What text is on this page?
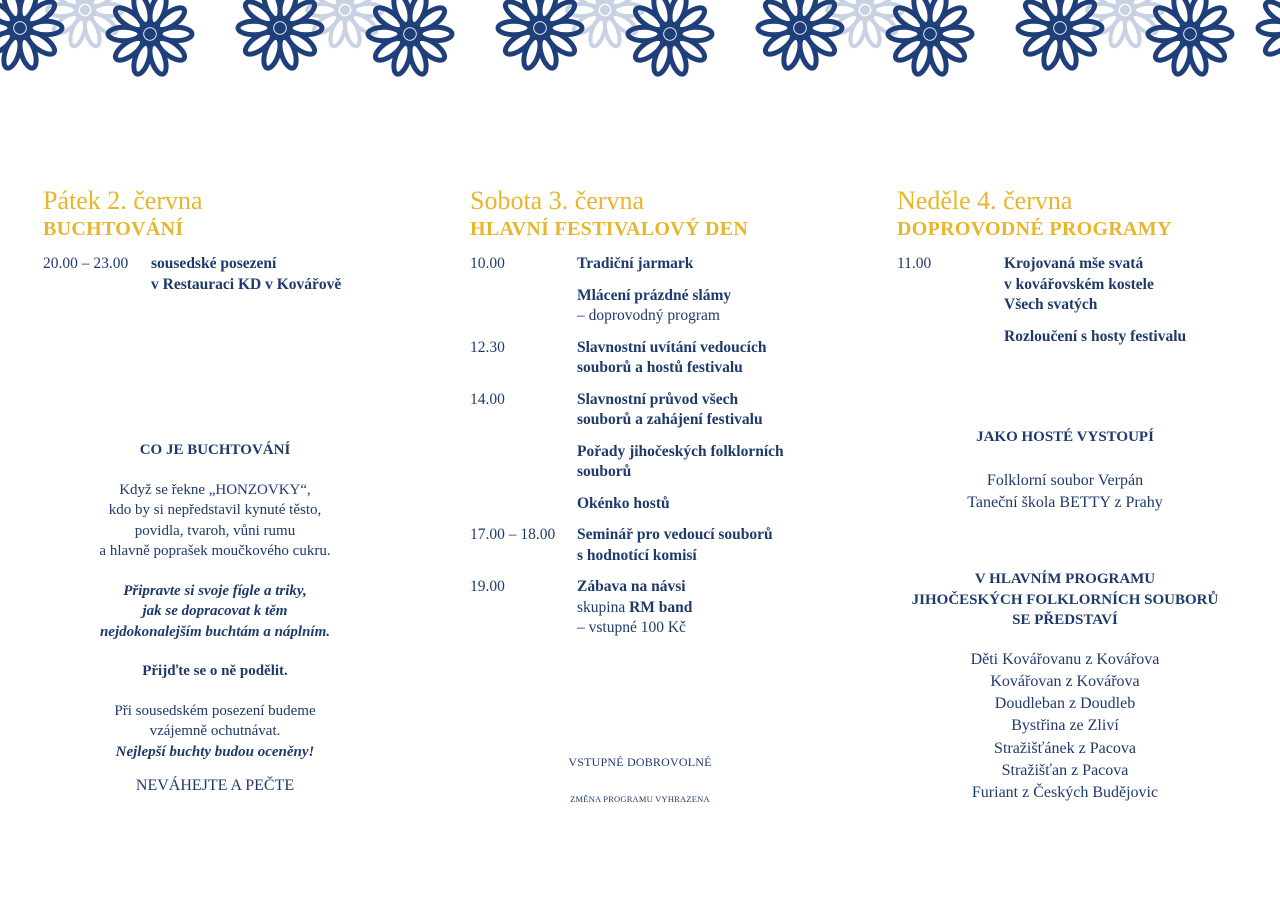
Pátek 2. června
BUCHTOVÁNÍ
20.00 – 23.00	sousedské posezení
v Restauraci KD v Kovářově

CO JE BUCHTOVÁNÍ

Když se řekne „HONZOVKY“,

kdo by si nepředstavil kynuté těsto,

povidla, tvaroh, vůni rumu

a hlavně poprašek moučkového cukru.

Připravte si svoje fígle a triky,

jak se dopracovat k těm

nejdokonalejším buchtám a náplním.

Přijďte se o ně podělit.

Při sousedském posezení budeme

vzájemně ochutnávat.

Nejlepší buchty budou oceněny!

NEVÁHEJTE A PEČTE

Sobota 3. června
HLAVNÍ FESTIVALOVÝ DEN
10.00	Tradiční jarmark
Mlácení prázdné slámy
– doprovodný program
12.30	Slavnostní uvítání vedoucích
souborů a hostů festivalu
14.00	Slavnostní průvod všech
souborů a zahájení festivalu
Pořady jihočeských folklorních
souborů
Okénko hostů
17.00 – 18.00	Seminář pro vedoucí souborů
s hodnotící komisí
19.00	Zábava na návsi
skupina RM band
– vstupné 100 Kč

VSTUPNÉ DOBROVOLNÉ

ZMĚNA PROGRAMU VYHRAZENA

Neděle 4. června
DOPROVODNÉ PROGRAMY
11.00	Krojovaná mše svatá
v kovářovském kostele
Všech svatých
Rozloučení s hosty festivalu

JAKO HOSTÉ VYSTOUPÍ

Folklorní soubor Verpán

Taneční škola BETTY z Prahy

V HLAVNÍM PROGRAMU

JIHOČESKÝCH FOLKLORNÍCH SOUBORŮ

SE PŘEDSTAVÍ

Děti Kovářovanu z Kovářova

Kovářovan z Kovářova

Doudleban z Doudleb

Bystřina ze Zliví

Stražišťánek z Pacova

Stražišťan z Pacova

Furiant z Českých Budějovic
